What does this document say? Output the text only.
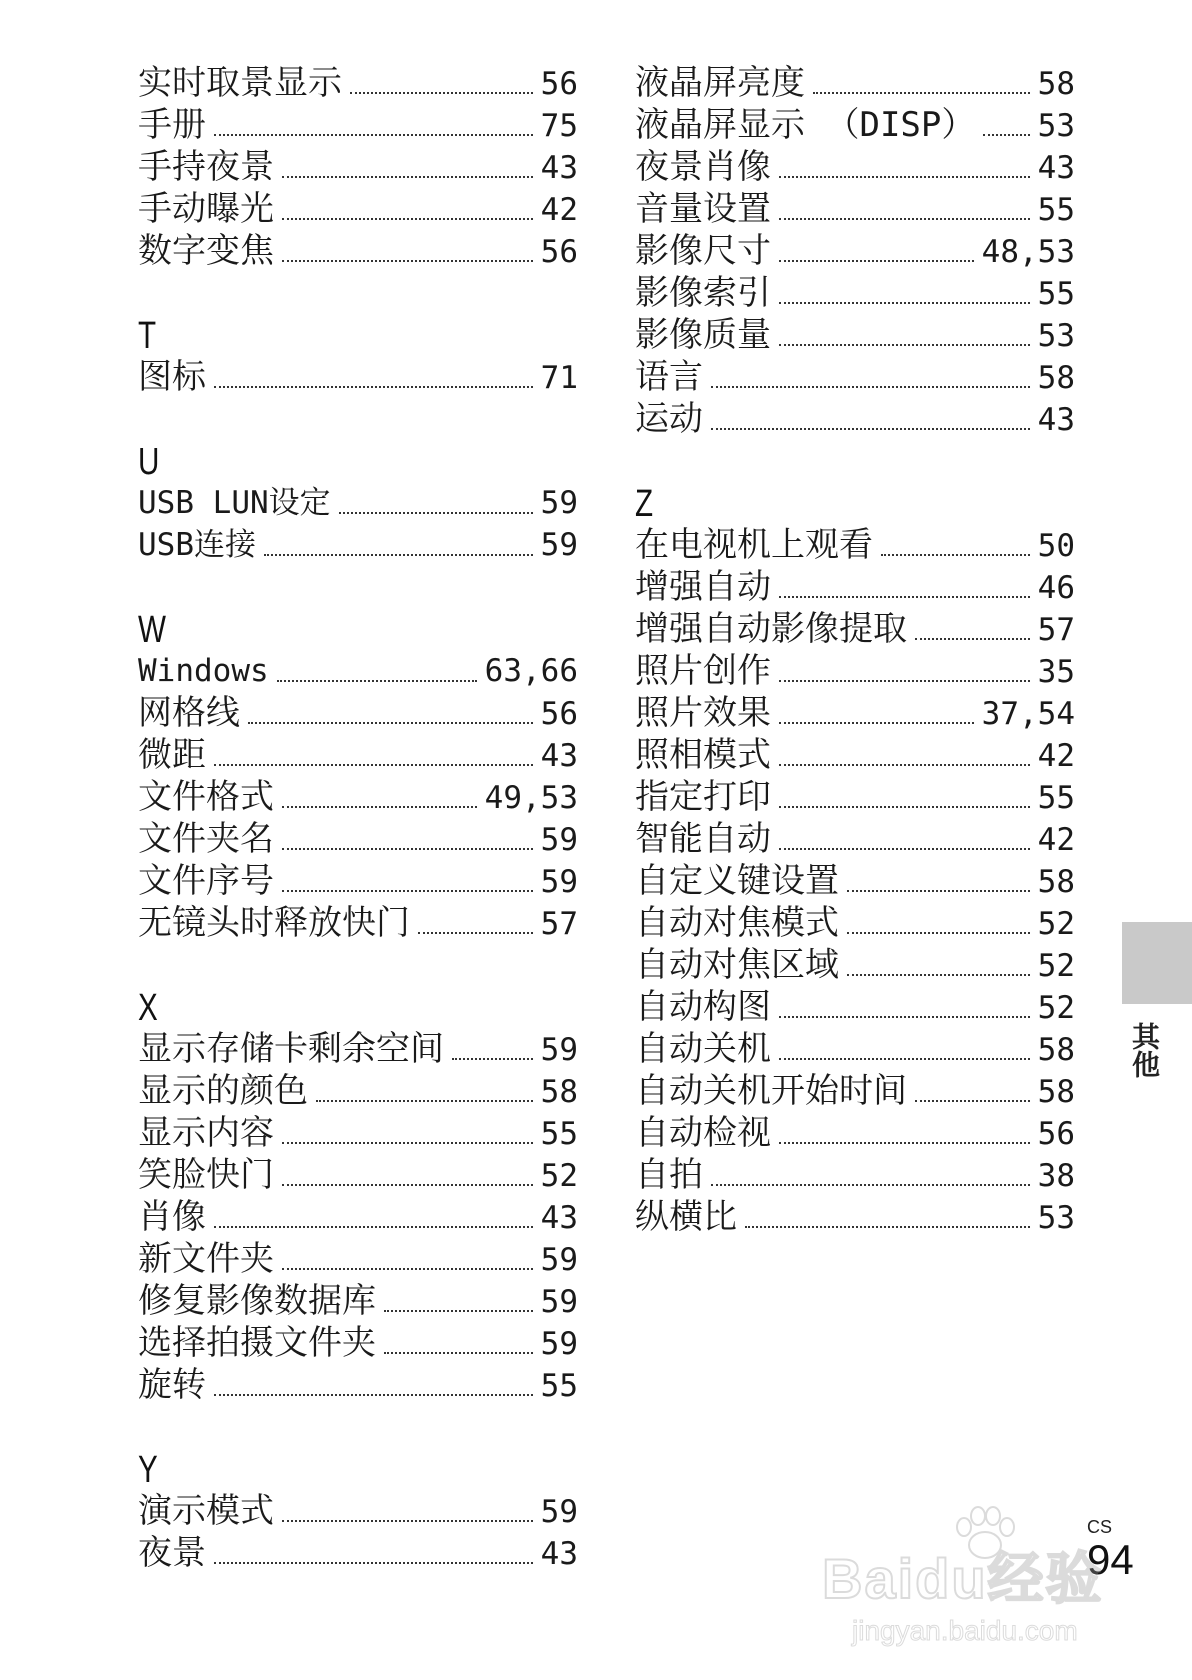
实时取景显示	56
手册	75
手持夜景	43
手动曝光	42
数字变焦	56
T
图标	71
U
USB LUN设定	59
USB连接	59
W
Windows	63,66
网格线	56
微距	43
文件格式	49,53
文件夹名	59
文件序号	59
无镜头时释放快门	57
X
显示存储卡剩余空间	59
显示的颜色	58
显示内容	55
笑脸快门	52
肖像	43
新文件夹	59
修复影像数据库	59
选择拍摄文件夹	59
旋转	55
Y
演示模式	59
夜景	43
液晶屏亮度	58
液晶屏显示 （DISP） 53
夜景肖像	43
音量设置	55
影像尺寸	48,53
影像索引	55
影像质量	53
语言	58
运动	43
Z
在电视机上观看	50
增强自动	46
增强自动影像提取	57
照片创作	35
照片效果	37,54
照相模式	42
指定打印	55
智能自动	42
自定义键设置	58
自动对焦模式	52
自动对焦区域	52
自动构图	52
自动关机	58
自动关机开始时间	58
自动检视	56
自拍	38
纵横比	53
其他
CS
94
Baidu经验
jingyan.baidu.com
